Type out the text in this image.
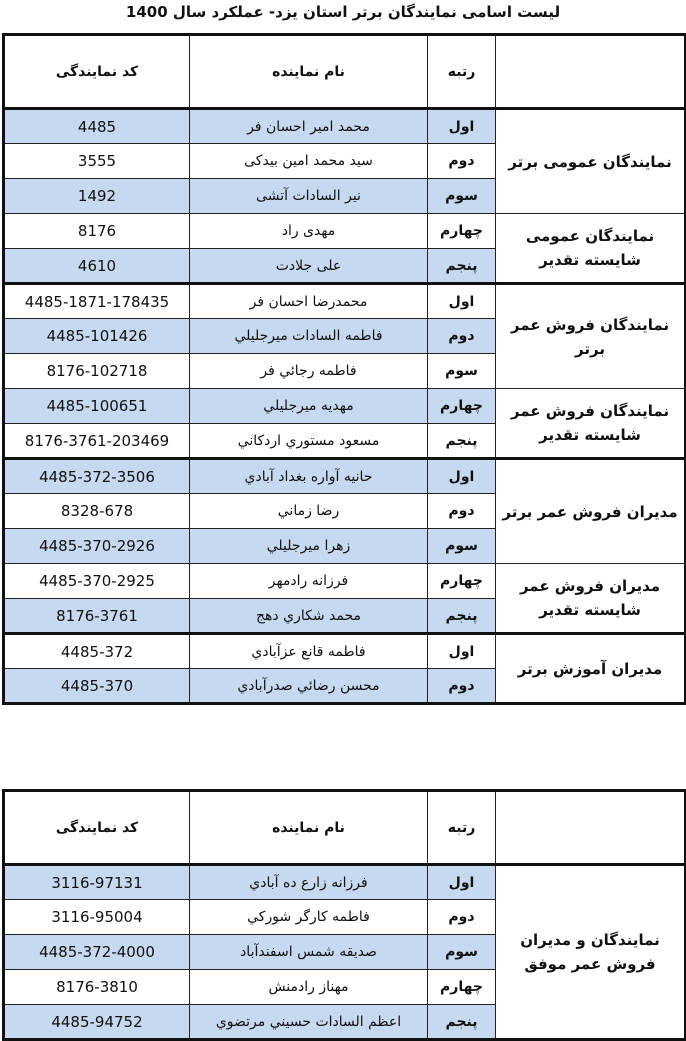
لیست اسامی نمایندگان برتر استان یزد- عملکرد سال 1400
	رتبه	نام نماینده	کد نمایندگی
نمایندگان عمومی برتر	اول	محمد امیر احسان فر	4485
	دوم	سید محمد امین بیدکی	3555
	سوم	نیر السادات آتشی	1492
نمایندگان عمومی شایسته تقدیر	چهارم	مهدی راد	8176
	پنجم	علی جلادت	4610
نمایندگان فروش عمر برتر	اول	محمدرضا احسان فر	4485-1871-178435
	دوم	فاطمه السادات ميرجليلي	4485-101426
	سوم	فاطمه رجائي فر	8176-102718
نمایندگان فروش عمر شایسته تقدیر	چهارم	مهديه ميرجليلي	4485-100651
	پنجم	مسعود مستوري اردكاني	8176-3761-203469
مدیران فروش عمر برتر	اول	حانيه آواره بغداد آبادي	4485-372-3506
	دوم	رضا زماني	8328-678
	سوم	زهرا ميرجليلي	4485-370-2926
مدیران فروش عمر شایسته تقدیر	چهارم	فرزانه رادمهر	4485-370-2925
	پنجم	محمد شكاري دهج	8176-3761
مدیران آموزش برتر	اول	فاطمه قانع عزآبادي	4485-372
	دوم	محسن رضائي صدرآبادي	4485-370
	رتبه	نام نماینده	کد نمایندگی
نمایندگان و مدیران فروش عمر موفق	اول	فرزانه زارع ده آبادي	3116-97131
	دوم	فاطمه كارگر شوركي	3116-95004
	سوم	صديقه شمس اسفندآباد	4485-372-4000
	چهارم	مهناز رادمنش	8176-3810
	پنجم	اعظم السادات حسيني مرتضوي	4485-94752
